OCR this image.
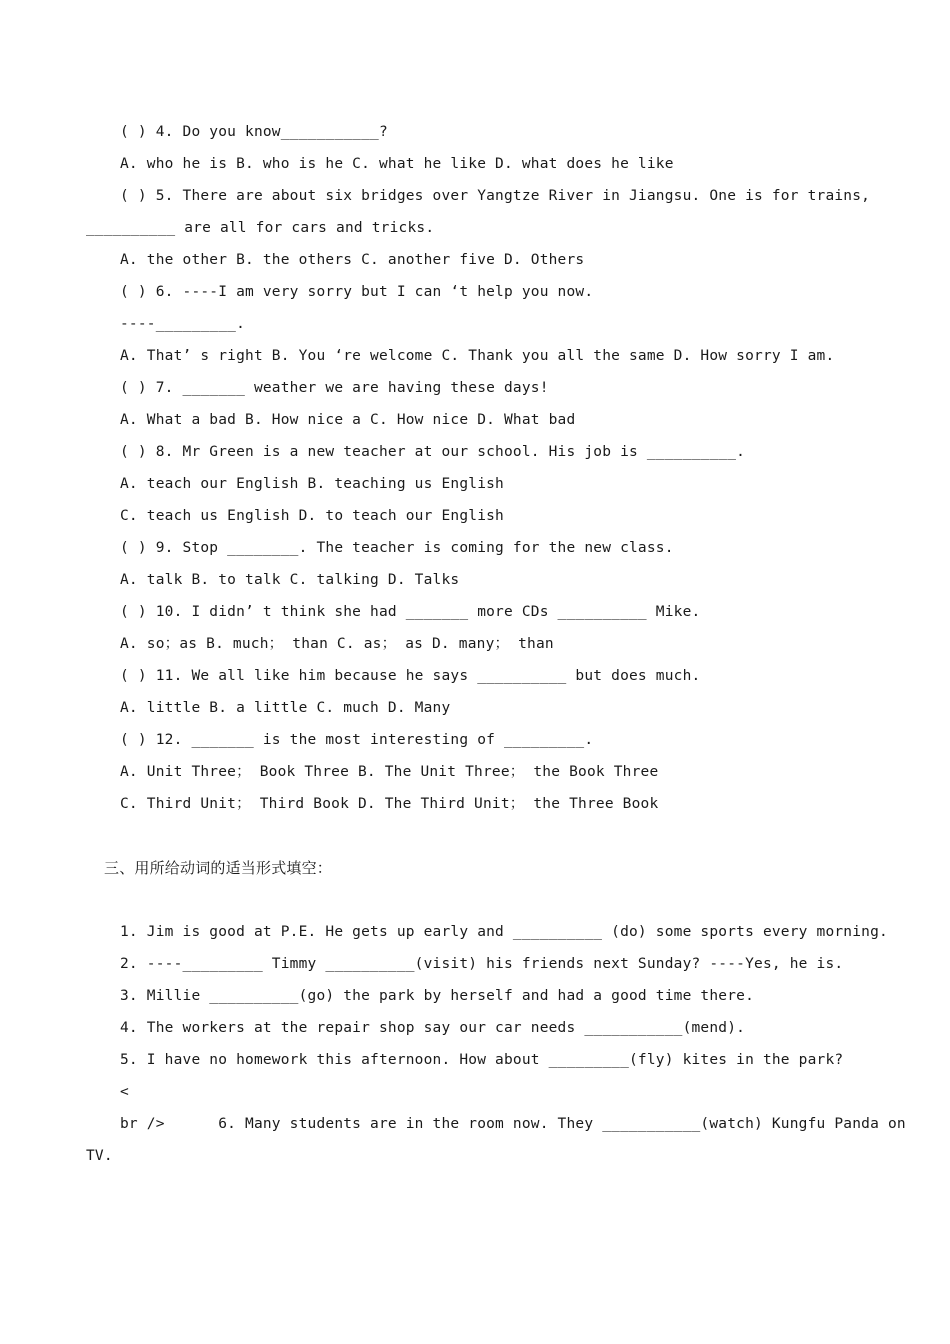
( ) 4. Do you know___________?
A. who he is B. who is he C. what he like D. what does he like
( ) 5. There are about six bridges over Yangtze River in Jiangsu. One is for trains,
__________ are all for cars and tricks.
A. the other B. the others C. another five D. Others
( ) 6. ----I am very sorry but I can ‘t help you now.
----_________.
A. That’ s right B. You ‘re welcome C. Thank you all the same D. How sorry I am.
( ) 7. _______ weather we are having these days!
A. What a bad B. How nice a C. How nice D. What bad
( ) 8. Mr Green is a new teacher at our school. His job is __________.
A. teach our English B. teaching us English
C. teach us English D. to teach our English
( ) 9. Stop ________. The teacher is coming for the new class.
A. talk B. to talk C. talking D. Talks
( ) 10. I didn’ t think she had _______ more CDs __________ Mike.
A. so；as B. much； than C. as； as D. many； than
( ) 11. We all like him because he says __________ but does much.
A. little B. a little C. much D. Many
( ) 12. _______ is the most interesting of _________.
A. Unit Three； Book Three B. The Unit Three； the Book Three
C. Third Unit； Third Book D. The Third Unit； the Three Book
三、用所给动词的适当形式填空：
1. Jim is good at P.E. He gets up early and __________ (do) some sports every morning.
2. ----_________ Timmy __________(visit) his friends next Sunday? ----Yes, he is.
3. Millie __________(go) the park by herself and had a good time there.
4. The workers at the repair shop say our car needs ___________(mend).
5. I have no homework this afternoon. How about _________(fly) kites in the park?
<
br />      6. Many students are in the room now. They ___________(watch) Kungfu Panda on
TV.
